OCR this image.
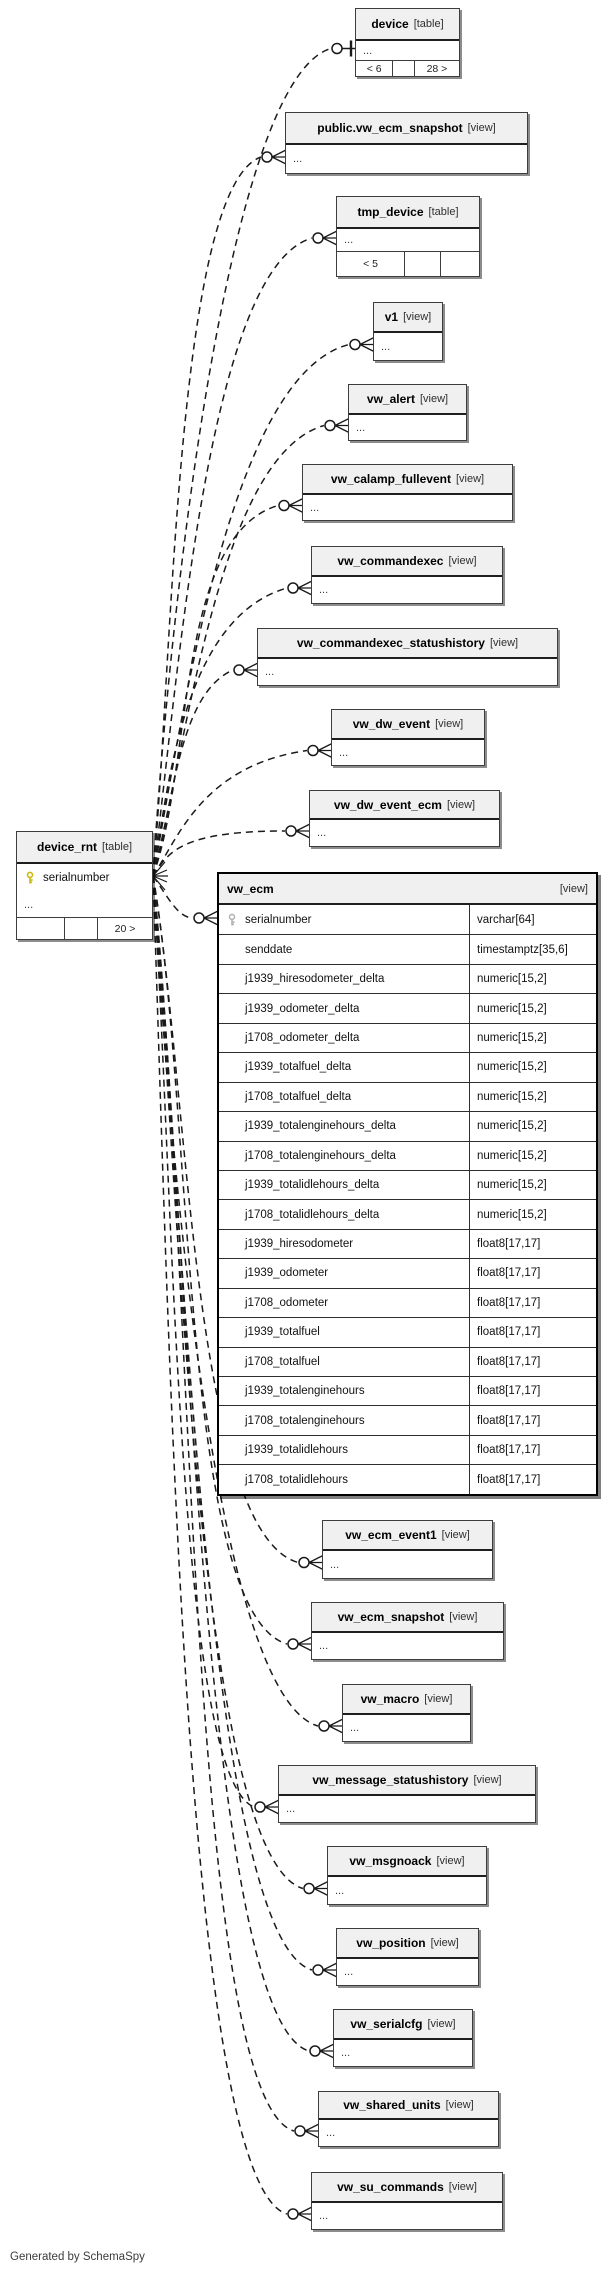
device_rnt [table]
serialnumber
...
20 >
vw_ecm	[view]
serialnumber	varchar[64]
senddate	timestamptz[35,6]
j1939_hiresodometer_delta	numeric[15,2]
j1939_odometer_delta	numeric[15,2]
j1708_odometer_delta	numeric[15,2]
j1939_totalfuel_delta	numeric[15,2]
j1708_totalfuel_delta	numeric[15,2]
j1939_totalenginehours_delta	numeric[15,2]
j1708_totalenginehours_delta	numeric[15,2]
j1939_totalidlehours_delta	numeric[15,2]
j1708_totalidlehours_delta	numeric[15,2]
j1939_hiresodometer	float8[17,17]
j1939_odometer	float8[17,17]
j1708_odometer	float8[17,17]
j1939_totalfuel	float8[17,17]
j1708_totalfuel	float8[17,17]
j1939_totalenginehours	float8[17,17]
j1708_totalenginehours	float8[17,17]
j1939_totalidlehours	float8[17,17]
j1708_totalidlehours	float8[17,17]
device [table]
...
< 6	28 >
public.vw_ecm_snapshot [view]
...
tmp_device [table]
...
< 5
v1 [view]
...
vw_alert [view]
...
vw_calamp_fullevent [view]
...
vw_commandexec [view]
...
vw_commandexec_statushistory [view]
...
vw_dw_event [view]
...
vw_dw_event_ecm [view]
...
vw_ecm_event1 [view]
...
vw_ecm_snapshot [view]
...
vw_macro [view]
...
vw_message_statushistory [view]
...
vw_msgnoack [view]
...
vw_position [view]
...
vw_serialcfg [view]
...
vw_shared_units [view]
...
vw_su_commands [view]
...
Generated by SchemaSpy
